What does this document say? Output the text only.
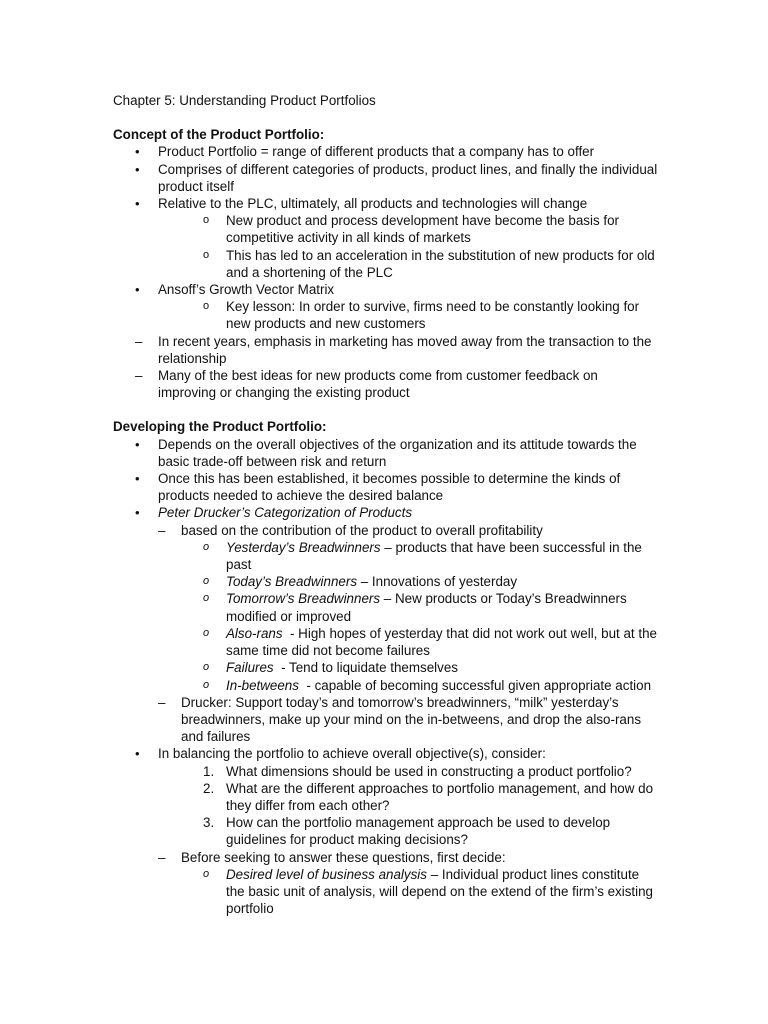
Chapter 5: Understanding Product Portfolios
Concept of the Product Portfolio:
• Product Portfolio = range of different products that a company has to offer
• Comprises of different categories of products, product lines, and finally the individual product itself
• Relative to the PLC, ultimately, all products and technologies will change
o New product and process development have become the basis for competitive activity in all kinds of markets
o This has led to an acceleration in the substitution of new products for old and a shortening of the PLC
• Ansoff’s Growth Vector Matrix
o Key lesson: In order to survive, firms need to be constantly looking for new products and new customers
– In recent years, emphasis in marketing has moved away from the transaction to the relationship
– Many of the best ideas for new products come from customer feedback on improving or changing the existing product
Developing the Product Portfolio:
• Depends on the overall objectives of the organization and its attitude towards the basic trade-off between risk and return
• Once this has been established, it becomes possible to determine the kinds of products needed to achieve the desired balance
• Peter Drucker’s Categorization of Products
– based on the contribution of the product to overall profitability
o Yesterday’s Breadwinners – products that have been successful in the past
o Today’s Breadwinners – Innovations of yesterday
o Tomorrow’s Breadwinners – New products or Today’s Breadwinners modified or improved
o Also-rans  - High hopes of yesterday that did not work out well, but at the same time did not become failures
o Failures  - Tend to liquidate themselves
o In-betweens  - capable of becoming successful given appropriate action
– Drucker: Support today’s and tomorrow’s breadwinners, “milk” yesterday’s breadwinners, make up your mind on the in-betweens, and drop the also-rans and failures
• In balancing the portfolio to achieve overall objective(s), consider:
1. What dimensions should be used in constructing a product portfolio?
2. What are the different approaches to portfolio management, and how do they differ from each other?
3. How can the portfolio management approach be used to develop guidelines for product making decisions?
– Before seeking to answer these questions, first decide:
o Desired level of business analysis – Individual product lines constitute the basic unit of analysis, will depend on the extend of the firm’s existing portfolio
